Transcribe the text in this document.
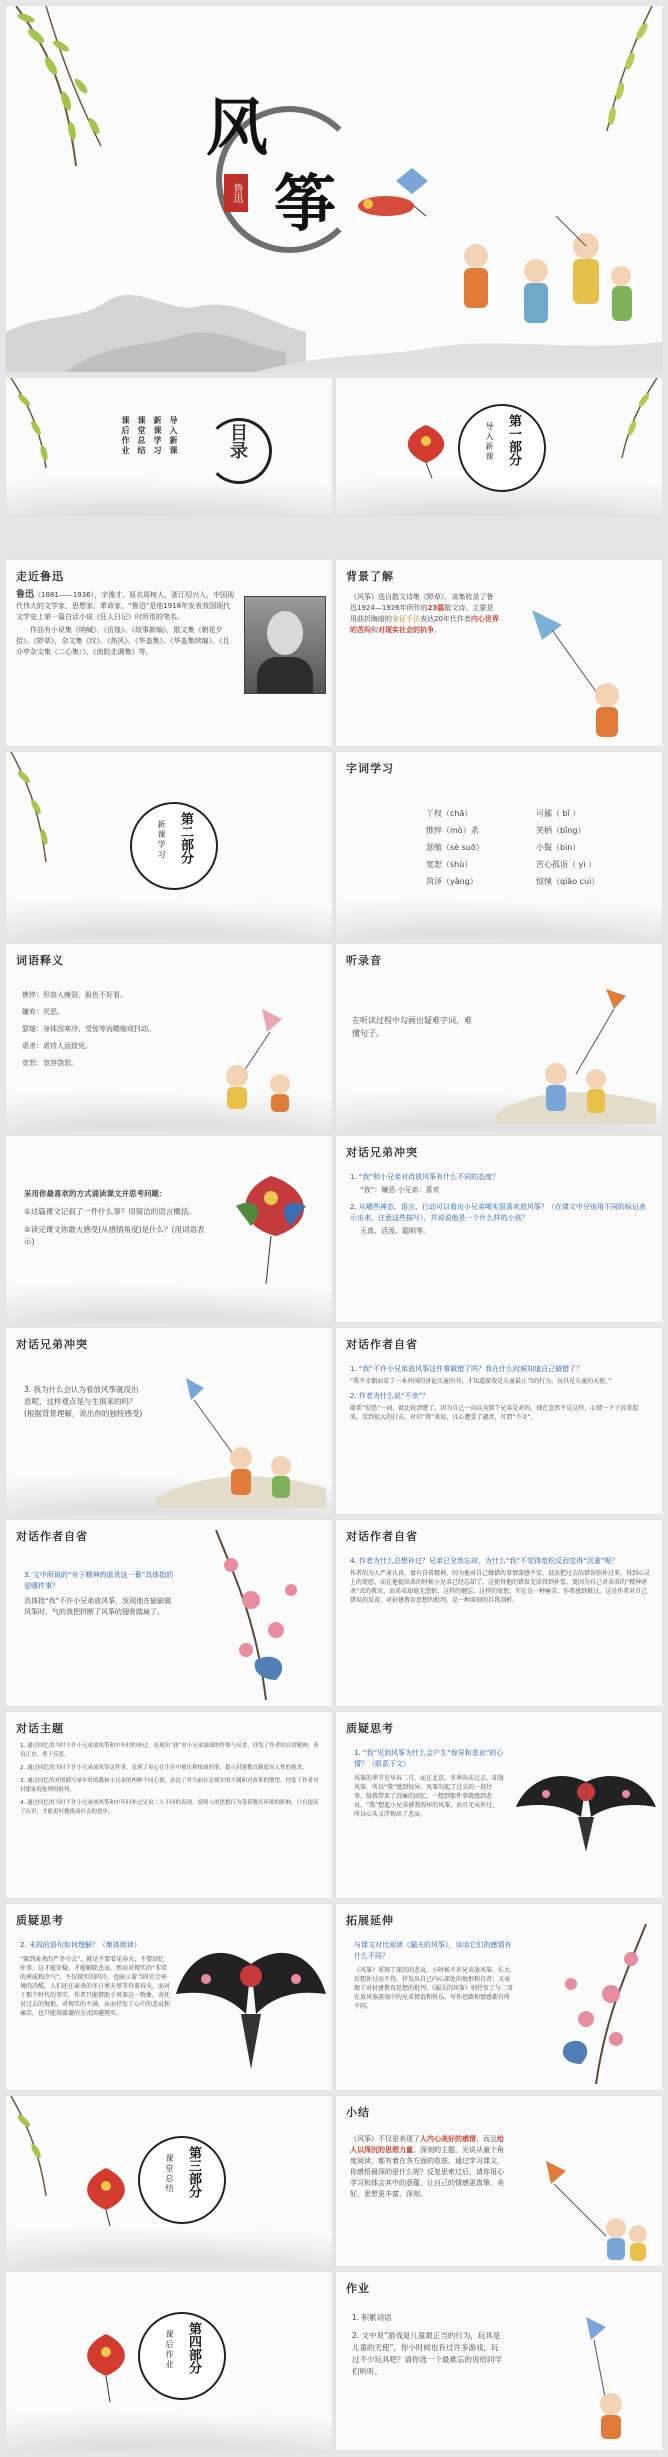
风
筝
鲁迅
导入新课
新课学习
课堂总结
课后作业	目录	第一部分
导入新课
走近鲁迅

鲁迅（1881——1936），字豫才，原名周树人，浙江绍兴人，中国现代伟大的文学家、思想家、革命家。“鲁迅”是他1918年发表我国现代文学史上第一篇白话小说《狂人日记》时所用的笔名。

作品有小说集《呐喊》、《彷徨》、《故事新编》，散文集《朝花夕拾》、《野草》，杂文集《坟》、《热风》、《华盖集》、《华盖集续编》、《且介亭杂文集（二心集）》、《南腔北调集》等。

背景了解
《风筝》选自散文诗集《野草》，该集收录了鲁迅1924—1926年所作的23篇散文诗。主要是用曲折晦暗的象征手法表达20年代作者内心世界的苦闷和对现实社会的抗争。
第二部分
新课学习
字词学习
丫杈（chā）	可鄙（ bǐ ）
憔悴（mò）杀	笑柄（bǐng）
瑟缩（sè suō）	小鬓（bìn）
宽恕（shù）	苦心孤诣（ yì ）
菏泽（yǎng）	惊悚（qiāo cuì）
词语释义

憔悴：形容人瘦弱，脸色不好看。

嫌弃：厌恶。

瑟缩：身体因寒冷、受惊等而蜷缩或抖动。

虐杀：虐待人而致死。

宽恕：宽容饶恕。

听录音
在听读过程中勾画出疑难字词，难懂句子。

采用你最喜欢的方式诵读课文并思考问题：

①这篇课文记叙了一件什么事？用简洁的语言概括。

②读完课文你最大感受(从感情角度)是什么？(用词语表示)

对话兄弟冲突

1. “我”和小兄弟对待放风筝有什么不同的态度？

“我”：嫌恶 小兄弟：喜欢

2. 从哪些神态、语言、行动可以看出小兄弟喝实很喜欢放风筝？（在课文中分别用不同的标记表示出来，注意这些描写），并说说他是一个什么样的小孩？

天真、活泼、聪明等。

对话兄弟冲突
3. 我为什么会认为看放风筝就没出息呢，这样观点是与生俱来的吗？(根据背景理解，说出你的独特感受)
对话作者自省

1. “我”不许小兄弟放风筝这件事做错了吗？我在什么时候知道自己做错了？

“我不幸偶而看了一本外国的讲论儿童的书，才知道游戏是儿童最正当的行为，玩具是儿童的天使。”

2. 作者为什么说“不幸”？

联系“惊恐”一词，就比较清楚了，因为自己一向以为那个兄弟是对的，现在忽然不是这样，心情一下子沉重起来，受到很大的打击，对旧“我”来说，良心遭受了谴责，可谓“不幸”。

对话作者自省

3. 文中所说的“对于精神的虐杀这一幕”具体指的是哪件事？

具体指“我”不许小兄弟放风筝，发现他在偷偷做风筝时，气的我把折断了风筝的翅骨踏扁了。

对话作者自省

4. 作者为什么总想补过？兄弟已全然忘却，为什么“我”不觉得宽松反而觉得“沉重”呢？

作者的为人严肃认真，富有自省精神。因为他对自己做错的事情深感不安，设法把过去的错误弥补过来，得到心灵上的宽慰，而在他提出来的时候小兄弟已经忘却了，这使得他的错误无法得到补偿。更因为自己对弟弟的“精神虐杀”式的教育，而弟弟却毫无怨恨，这样的健忘，这样的宽恕，实在是一种痛苦，作者感到难过。这是作者对自己错误的反省，对封建教育思想的批判，是一种深刻的自我剖析。

对话主题

1. 通过回忆的当时不许小兄弟放风筝和中年时的补过，表现出“我”对小兄弟深深的忏悔与反省，抒发了作者的自省精神，善良正直、勇于反思。

2. 通过回忆的当时不许小兄弟放风筝这件事，表现了童心在生存中被压抑扭曲的事，提示封建教育制度对人性的扼杀。

3. 通过回忆的对照描写童年时的我和小兄弟的两种不同心情，表达了对当前社会现实的不满和对改革的期望，抒发了作者对封建家庭伦理的批判。

4. 通过回忆的当时不许小兄弟放风筝和中年时补过兄弟二人不同的表现，说明人的思想行为受着教育环境的影响，只有提高了认识，才能更好地推动社会的进步。

质疑思考

1. “我”见到风筝为什么会产生“惊异和悲哀”的心情？（联系下文）

风筝的季节是早春二月，而在北京，冬季尚未过去，却放风筝，所以“我”感到惊异。风筝勾起了过去的一段往事，给我带来了沉痛的回忆，一想到那件事就感到悲哀，“我”想起小兄弟被我毁坏的风筝，而且无从补过，所以心头又浮现出了悲哀。

质疑思考

2. 末段的语句如何理解？（集体朗读）

“躲到肃杀的严冬中去”，就是不要看见春天，不要回忆往事，这才能安稳，才能解除悲哀。然而对现实的“非常的寒威和冷气”，不仅现实的阴冷，也暗示着当时社会环境的冷酷，人们还在肃杀的冬日寒天里等待着春天，而对于那个时代的事实，作者只能借助于风筝这一物象，寄托对过去的悔恨，对现实的不满，从而抒发了心中的悲哀和痛苦，也只能用躲避的方式回避现实。

拓展延伸

与课文对比阅读《漏夫的风筝》，谈谈它们的感情有什么不同？

《风筝》重现了深沉的悲哀，小时候不许兄弟放风筝，长大后想补过而不得，抒发出自己内心深处的悔恨和自责；又表现了对封建教育思想的批判。《漏夫的风筝》则抒发了与二哥在放风筝游戏中的兄弟情谊和快乐，写作思路和情感都有所不同。

第三部分
课堂总结
小结
《风筝》不仅是表现了人内心美好的感情，而且给人以深沉的思想力量。深刻的主题，光说从童个角度阅读，都有着在各方面的收获。通过学习课文，你感悟最深的是什么呢？反复思索过后，请你用心学习和体会其中的意蕴，让自己的情感更真挚，美好，思想更丰富，深刻。
第四部分
课后作业
作业

1. 积累词语

2. 文中说“游戏是儿童最正当的行为，玩具是儿童的天使”，你小时候也有过许多游戏，玩过不少玩具吧？请你选一个最难忘的说给同学们听听。
